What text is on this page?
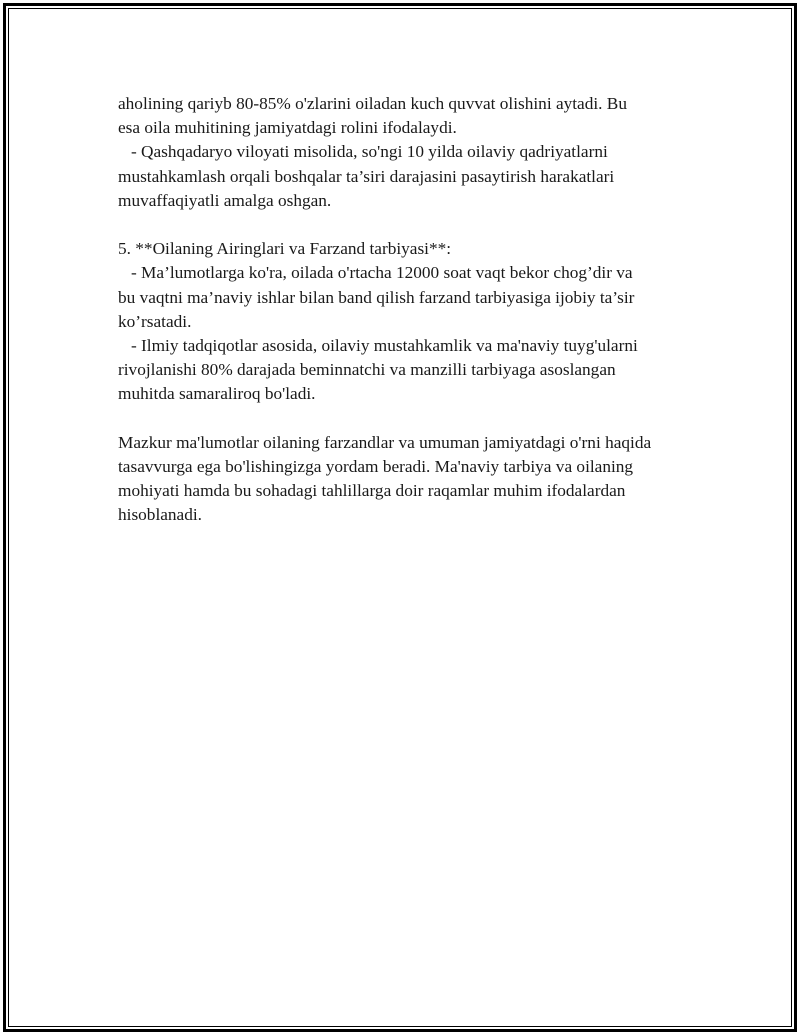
aholining qariyb 80-85% o'zlarini oiladan kuch quvvat olishini aytadi. Bu
esa oila muhitining jamiyatdagi rolini ifodalaydi.
- Qashqadaryo viloyati misolida, so'ngi 10 yilda oilaviy qadriyatlarni
mustahkamlash orqali boshqalar ta’siri darajasini pasaytirish harakatlari
muvaffaqiyatli amalga oshgan.
5. **Oilaning Airinglari va Farzand tarbiyasi**:
- Ma’lumotlarga ko'ra, oilada o'rtacha 12000 soat vaqt bekor chog’dir va
bu vaqtni ma’naviy ishlar bilan band qilish farzand tarbiyasiga ijobiy ta’sir
ko’rsatadi.
- Ilmiy tadqiqotlar asosida, oilaviy mustahkamlik va ma'naviy tuyg'ularni
rivojlanishi 80% darajada beminnatchi va manzilli tarbiyaga asoslangan
muhitda samaraliroq bo'ladi.
Mazkur ma'lumotlar oilaning farzandlar va umuman jamiyatdagi o'rni haqida
tasavvurga ega bo'lishingizga yordam beradi. Ma'naviy tarbiya va oilaning
mohiyati hamda bu sohadagi tahlillarga doir raqamlar muhim ifodalardan
hisoblanadi.
